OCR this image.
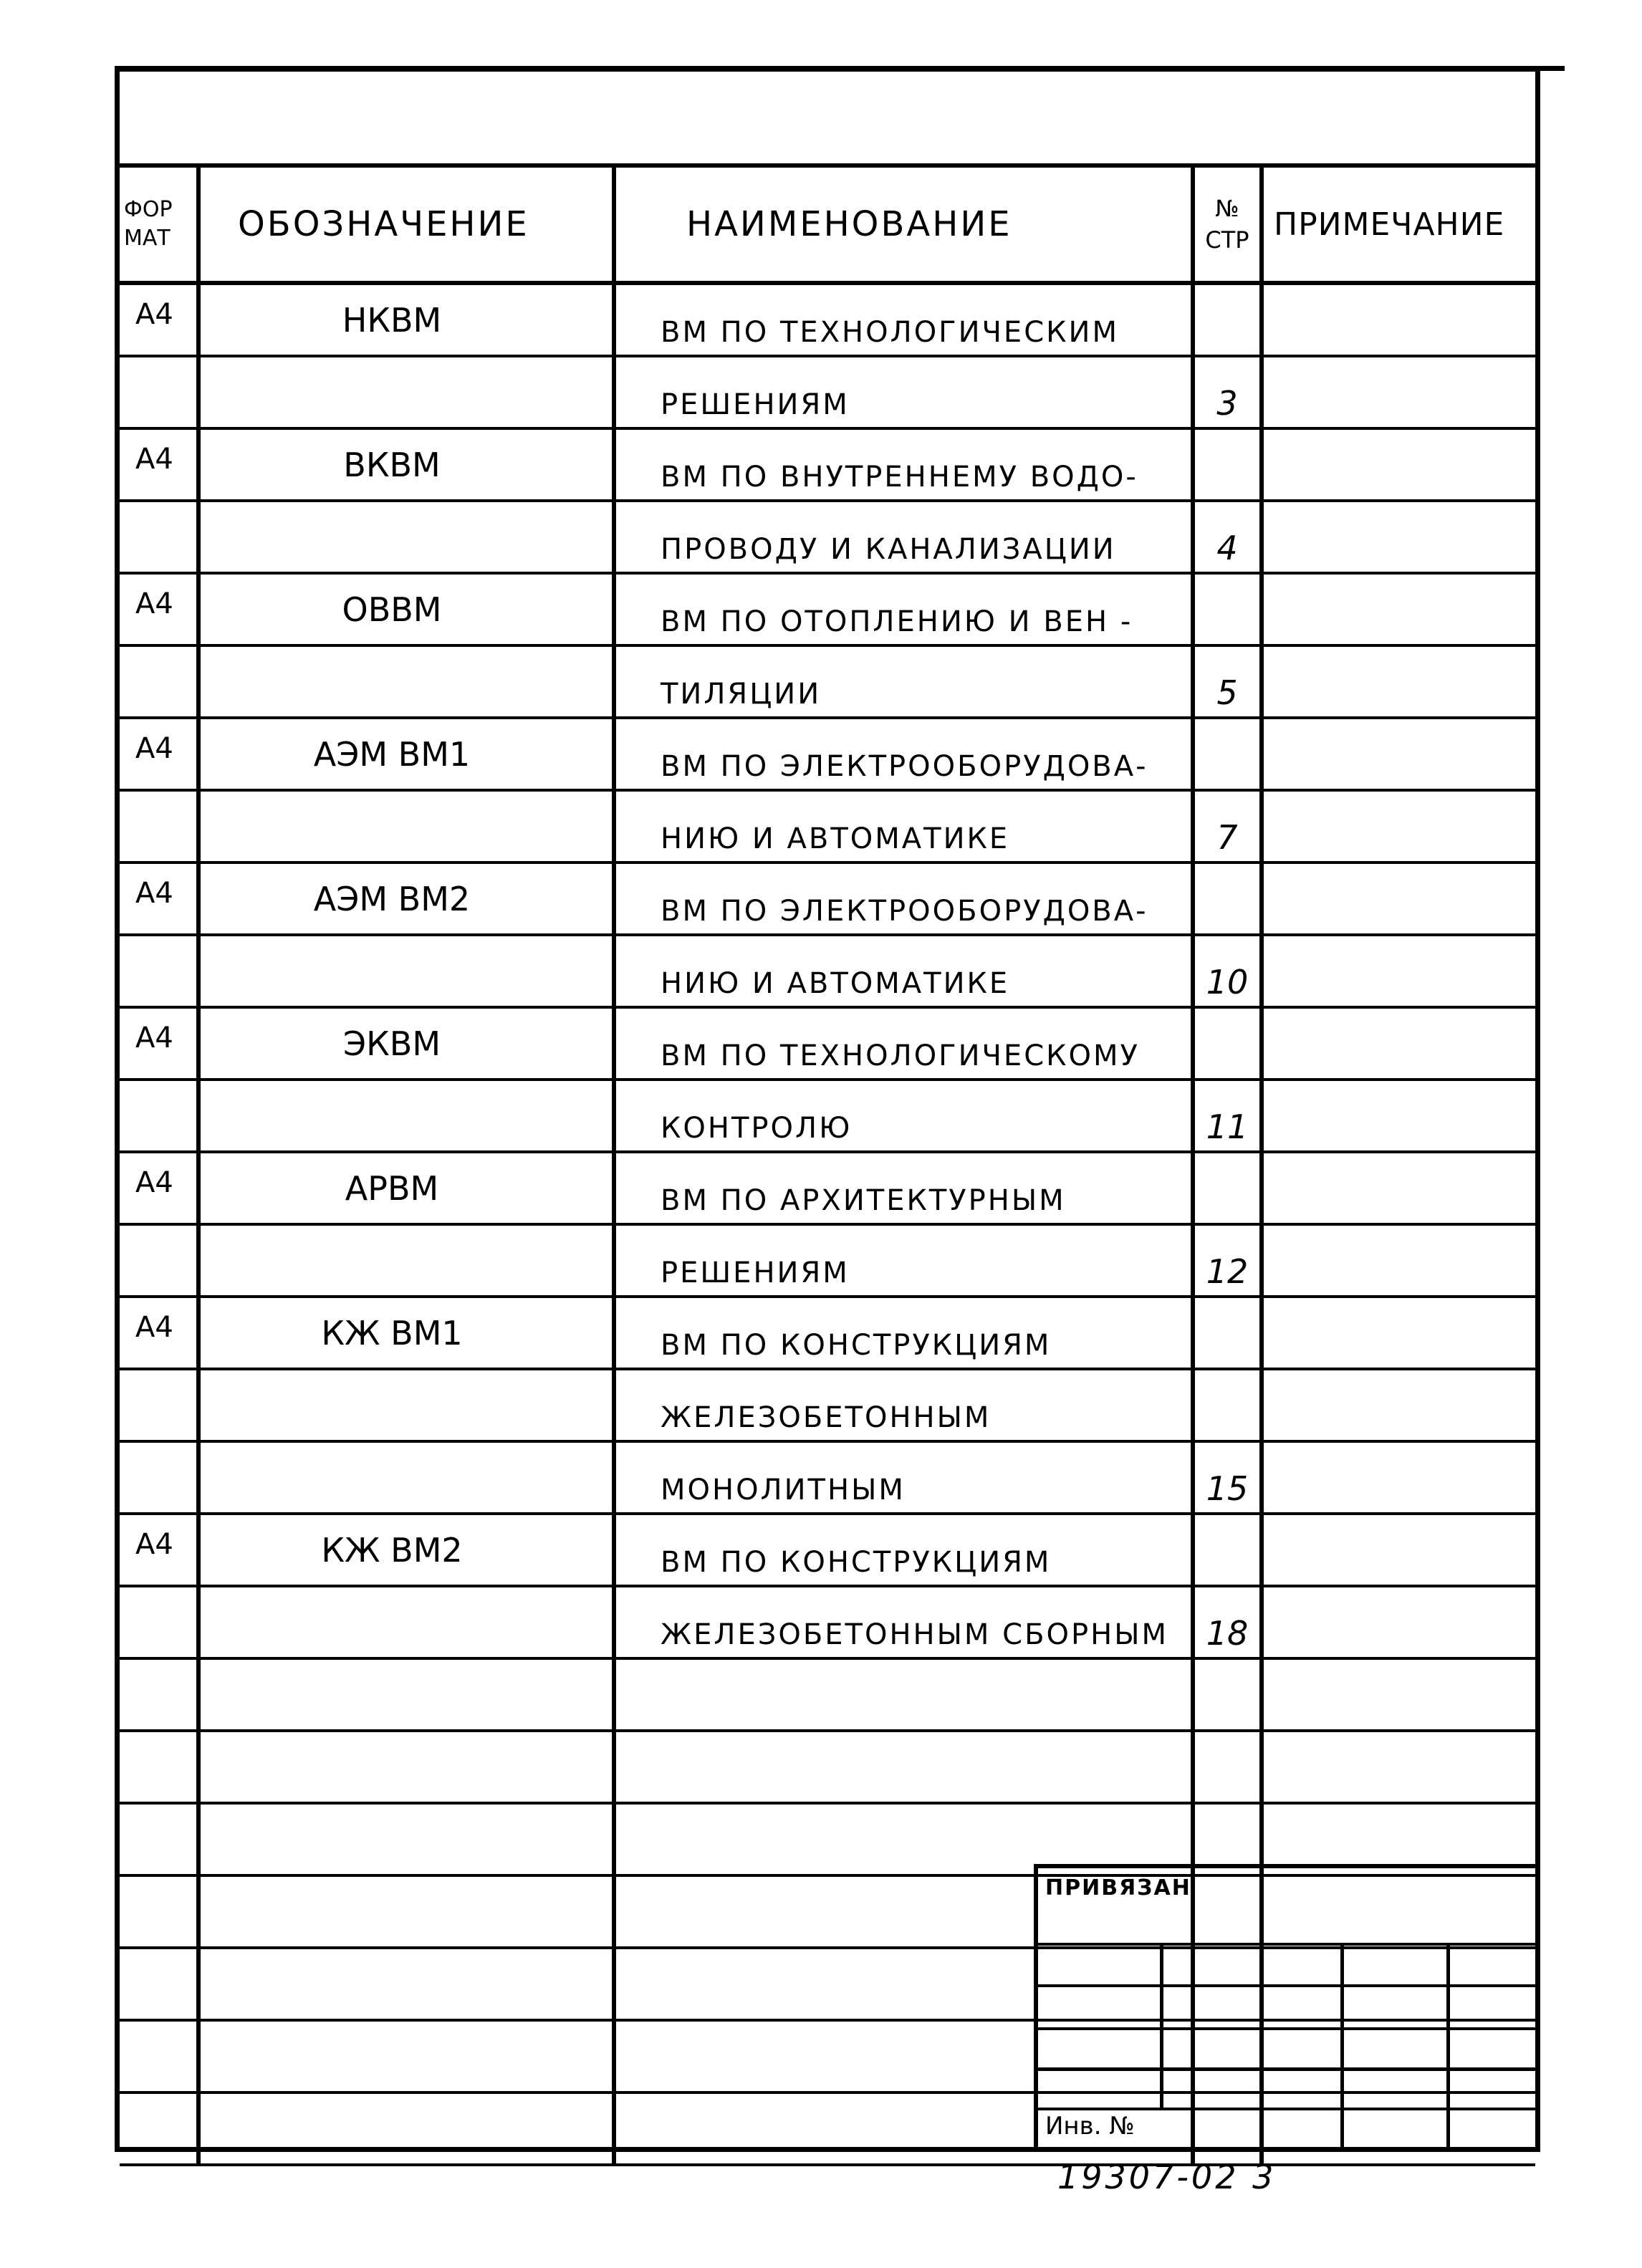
ФОР МАТ	ОБОЗНАЧЕНИЕ	НАИМЕНОВАНИЕ	№ СТР	ПРИМЕЧАНИЕ
А4	НКВМ	ВМ ПО ТЕХНОЛОГИЧЕСКИМ		
		РЕШЕНИЯМ	3	
А4	ВКВМ	ВМ ПО ВНУТРЕННЕМУ ВОДО-		
		ПРОВОДУ И КАНАЛИЗАЦИИ	4	
А4	ОВВМ	ВМ ПО ОТОПЛЕНИЮ И ВЕН -		
		ТИЛЯЦИИ	5	
А4	АЭМ ВМ1	ВМ ПО ЭЛЕКТРООБОРУДОВА-		
		НИЮ И АВТОМАТИКЕ	7	
А4	АЭМ ВМ2	ВМ ПО ЭЛЕКТРООБОРУДОВА-		
		НИЮ И АВТОМАТИКЕ	10	
А4	ЭКВМ	ВМ ПО ТЕХНОЛОГИЧЕСКОМУ		
		КОНТРОЛЮ	11	
А4	АРВМ	ВМ ПО АРХИТЕКТУРНЫМ		
		РЕШЕНИЯМ	12	
А4	КЖ ВМ1	ВМ ПО КОНСТРУКЦИЯМ		
		ЖЕЛЕЗОБЕТОННЫМ		
		МОНОЛИТНЫМ	15	
А4	КЖ ВМ2	ВМ ПО КОНСТРУКЦИЯМ		
		ЖЕЛЕЗОБЕТОННЫМ СБОРНЫМ	18	

ПРИВЯЗАН
Инв. №
19307-02 3
